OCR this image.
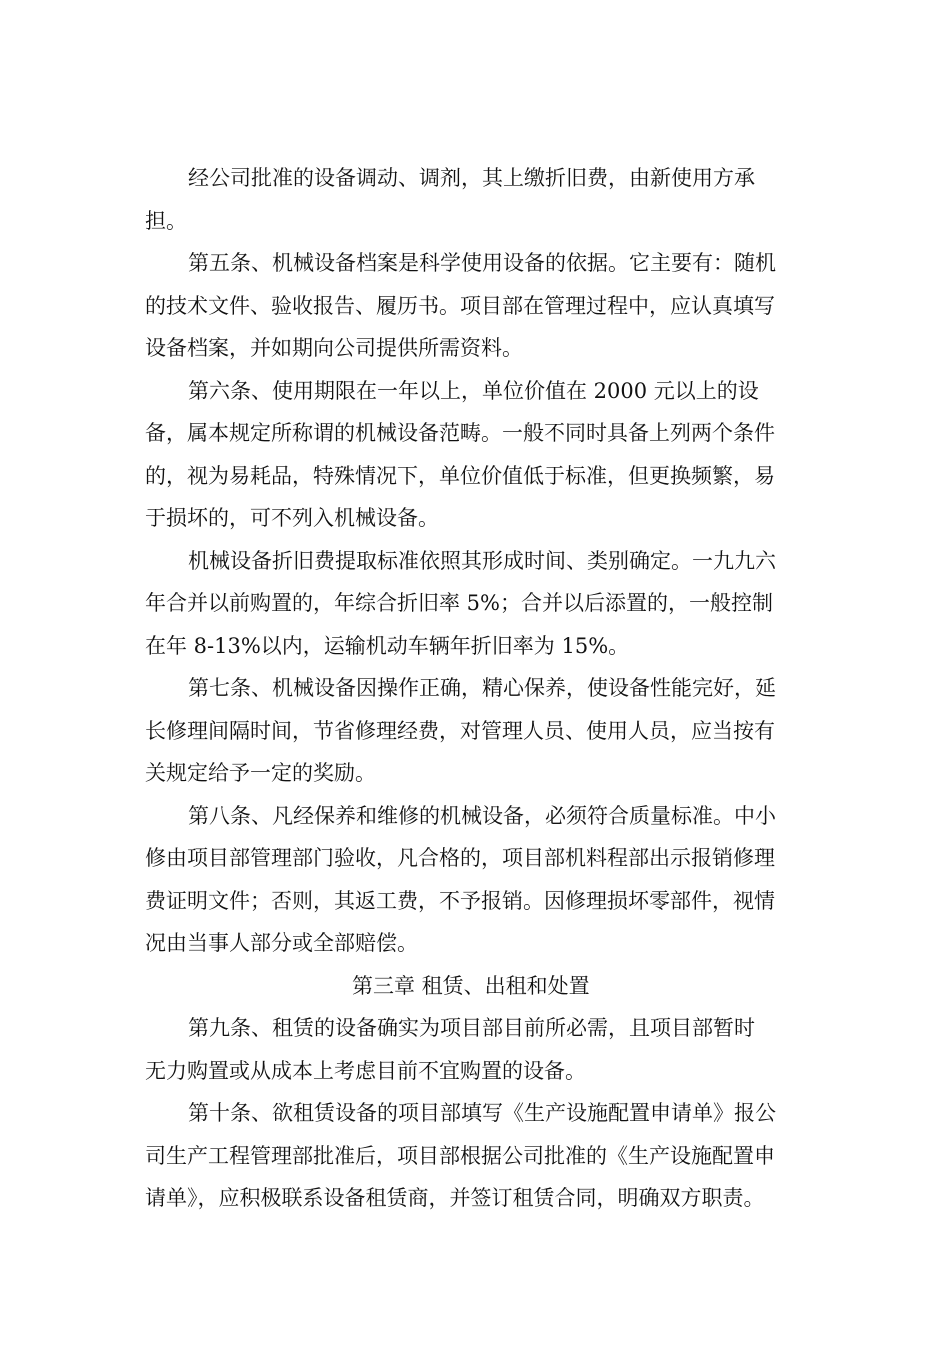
经公司批准的设备调动、调剂，其上缴折旧费，由新使用方承
担。
第五条、机械设备档案是科学使用设备的依据。它主要有：随机
的技术文件、验收报告、履历书。项目部在管理过程中，应认真填写
设备档案，并如期向公司提供所需资料。
第六条、使用期限在一年以上，单位价值在 2000 元以上的设
备，属本规定所称谓的机械设备范畴。一般不同时具备上列两个条件
的，视为易耗品，特殊情况下，单位价值低于标准，但更换频繁，易
于损坏的，可不列入机械设备。
机械设备折旧费提取标准依照其形成时间、类别确定。一九九六
年合并以前购置的，年综合折旧率 5%；合并以后添置的，一般控制
在年 8-13%以内，运输机动车辆年折旧率为 15%。
第七条、机械设备因操作正确，精心保养，使设备性能完好，延
长修理间隔时间，节省修理经费，对管理人员、使用人员，应当按有
关规定给予一定的奖励。
第八条、凡经保养和维修的机械设备，必须符合质量标准。中小
修由项目部管理部门验收，凡合格的，项目部机料程部出示报销修理
费证明文件；否则，其返工费，不予报销。因修理损坏零部件，视情
况由当事人部分或全部赔偿。
第三章 租赁、出租和处置
第九条、租赁的设备确实为项目部目前所必需，且项目部暂时
无力购置或从成本上考虑目前不宜购置的设备。
第十条、欲租赁设备的项目部填写《生产设施配置申请单》报公
司生产工程管理部批准后，项目部根据公司批准的《生产设施配置申
请单》，应积极联系设备租赁商，并签订租赁合同，明确双方职责。
